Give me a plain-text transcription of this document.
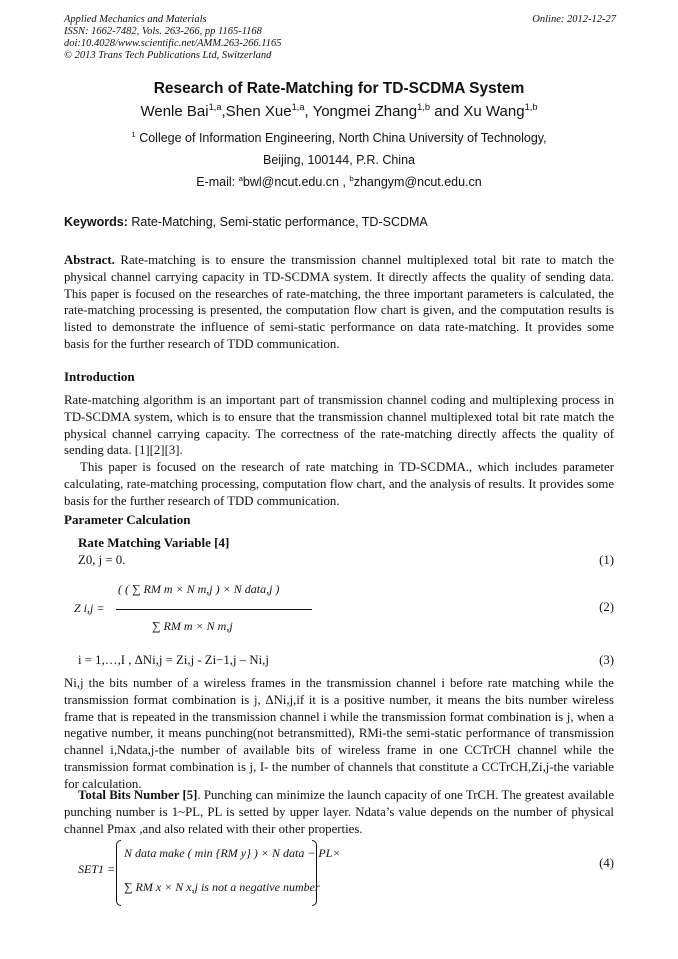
Applied Mechanics and Materials
ISSN: 1662-7482, Vols. 263-266, pp 1165-1168
doi:10.4028/www.scientific.net/AMM.263-266.1165
© 2013 Trans Tech Publications Ltd, Switzerland
Online: 2012-12-27
Research of Rate-Matching for TD-SCDMA System
Wenle Bai$^{1,a}$,Shen Xue$^{1,a}$, Yongmei Zhang$^{1,b}$ and Xu Wang$^{1,b}$
$^1$ College of Information Engineering, North China University of Technology,
Beijing, 100144, P.R. China
E-mail: $^a$bwl@ncut.edu.cn , $^b$zhangym@ncut.edu.cn
Keywords: Rate-Matching, Semi-static performance, TD-SCDMA
Abstract. Rate-matching is to ensure the transmission channel multiplexed total bit rate to match the physical channel carrying capacity in TD-SCDMA system. It directly affects the quality of sending data. This paper is focused on the researches of rate-matching, the three important parameters is calculated, the rate-matching processing is presented, the computation flow chart is given, and the computation results is listed to demonstrate the influence of semi-static performance on data rate-matching. It provides some basis for the further research of TDD communication.
Introduction
Rate-matching algorithm is an important part of transmission channel coding and multiplexing process in TD-SCDMA system, which is to ensure that the transmission channel multiplexed total bit rate match the physical channel carrying capacity. The correctness of the rate-matching directly affects the quality of sending data. [1][2][3].
This paper is focused on the research of rate matching in TD-SCDMA., which includes parameter calculating, rate-matching processing, computation flow chart, and the analysis of results. It provides some basis for the further research of TDD communication.
Parameter Calculation
Rate Matching Variable [4]
Z0, j = 0.	(1)
Z i,j =
( ( ∑ RM m × N m,j ) × N data,j )
∑ RM m × N m,j
(2)
i = 1,…,I , ΔNi,j = Zi,j - Zi−1,j – Ni,j	(3)
Ni,j the bits number of a wireless frames in the transmission channel i before rate matching while the transmission format combination is j, ΔNi,j,if it is a positive number, it means the bits number wireless frame that is repeated in the transmission channel i while the transmission format combination is j, when a negative number, it means punching(not betransmitted), RMi-the semi-static performance of transmission channel i,Ndata,j-the number of available bits of wireless frame in one CCTrCH channel while the transmission format combination is j, I- the number of channels that constitute a CCTrCH,Zi,j-the variable for calculation.
Total Bits Number [5]. Punching can minimize the launch capacity of one TrCH. The greatest available punching number is 1~PL, PL is setted by upper layer. Ndata’s value depends on the number of physical channel Pmax ,and also related with their other properties.
SET1 =
N data make ( min {RM y} ) × N data − PL×
∑ RM x × N x,j is not a negative number
(4)
